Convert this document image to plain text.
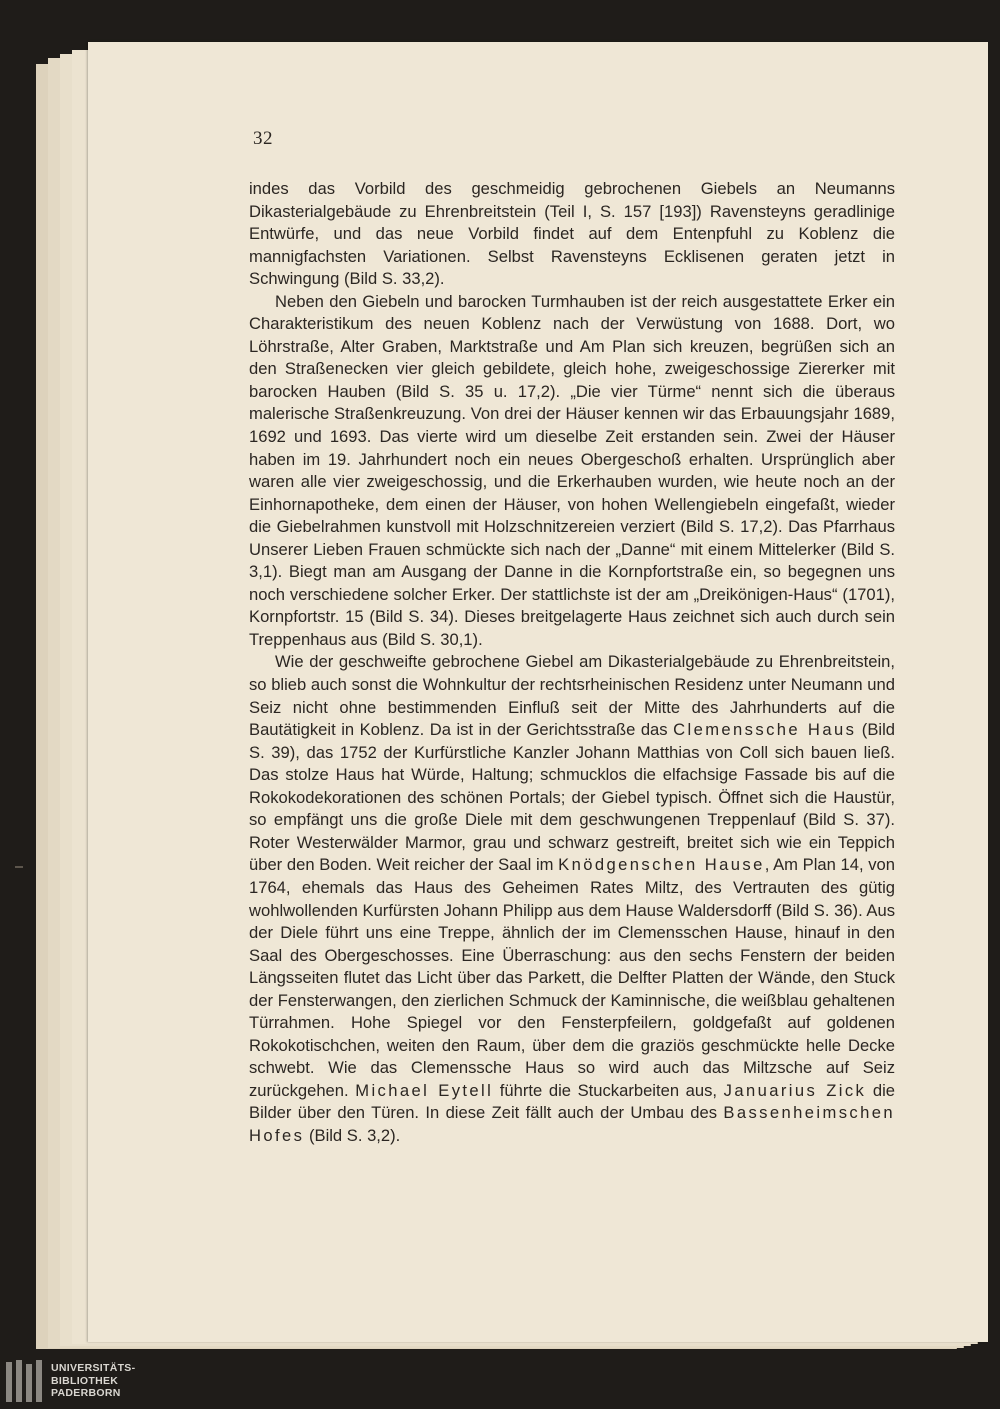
32

indes das Vorbild des geschmeidig gebrochenen Giebels an Neumanns Dikasterialgebäude zu Ehrenbreitstein (Teil I, S. 157 [193]) Ravensteyns geradlinige Entwürfe, und das neue Vorbild findet auf dem Entenpfuhl zu Koblenz die mannigfachsten Variationen. Selbst Ravensteyns Ecklisenen geraten jetzt in Schwingung (Bild S. 33,2).

Neben den Giebeln und barocken Turmhauben ist der reich ausgestattete Erker ein Charakteristikum des neuen Koblenz nach der Verwüstung von 1688. Dort, wo Löhrstraße, Alter Graben, Marktstraße und Am Plan sich kreuzen, begrüßen sich an den Straßenecken vier gleich gebildete, gleich hohe, zweigeschossige Ziererker mit barocken Hauben (Bild S. 35 u. 17,2). „Die vier Türme“ nennt sich die überaus malerische Straßenkreuzung. Von drei der Häuser kennen wir das Erbauungsjahr 1689, 1692 und 1693. Das vierte wird um dieselbe Zeit erstanden sein. Zwei der Häuser haben im 19. Jahrhundert noch ein neues Obergeschoß erhalten. Ursprünglich aber waren alle vier zweigeschossig, und die Erkerhauben wurden, wie heute noch an der Einhornapotheke, dem einen der Häuser, von hohen Wellengiebeln eingefaßt, wieder die Giebelrahmen kunstvoll mit Holzschnitzereien verziert (Bild S. 17,2). Das Pfarrhaus Unserer Lieben Frauen schmückte sich nach der „Danne“ mit einem Mittelerker (Bild S. 3,1). Biegt man am Ausgang der Danne in die Kornpfortstraße ein, so begegnen uns noch verschiedene solcher Erker. Der stattlichste ist der am „Dreikönigen-Haus“ (1701), Kornpfortstr. 15 (Bild S. 34). Dieses breitgelagerte Haus zeichnet sich auch durch sein Treppenhaus aus (Bild S. 30,1).

Wie der geschweifte gebrochene Giebel am Dikasterialgebäude zu Ehrenbreitstein, so blieb auch sonst die Wohnkultur der rechtsrheinischen Residenz unter Neumann und Seiz nicht ohne bestimmenden Einfluß seit der Mitte des Jahrhunderts auf die Bautätigkeit in Koblenz. Da ist in der Gerichtsstraße das Clemenssche Haus (Bild S. 39), das 1752 der Kurfürstliche Kanzler Johann Matthias von Coll sich bauen ließ. Das stolze Haus hat Würde, Haltung; schmucklos die elfachsige Fassade bis auf die Rokokodekorationen des schönen Portals; der Giebel typisch. Öffnet sich die Haustür, so empfängt uns die große Diele mit dem geschwungenen Treppenlauf (Bild S. 37). Roter Westerwälder Marmor, grau und schwarz gestreift, breitet sich wie ein Teppich über den Boden. Weit reicher der Saal im Knödgenschen Hause, Am Plan 14, von 1764, ehemals das Haus des Geheimen Rates Miltz, des Vertrauten des gütig wohlwollenden Kurfürsten Johann Philipp aus dem Hause Waldersdorff (Bild S. 36). Aus der Diele führt uns eine Treppe, ähnlich der im Clemensschen Hause, hinauf in den Saal des Obergeschosses. Eine Überraschung: aus den sechs Fenstern der beiden Längsseiten flutet das Licht über das Parkett, die Delfter Platten der Wände, den Stuck der Fensterwangen, den zierlichen Schmuck der Kaminnische, die weißblau gehaltenen Türrahmen. Hohe Spiegel vor den Fensterpfeilern, goldgefaßt auf goldenen Rokokotischchen, weiten den Raum, über dem die graziös geschmückte helle Decke schwebt. Wie das Clemenssche Haus so wird auch das Miltzsche auf Seiz zurückgehen. Michael Eytell führte die Stuckarbeiten aus, Januarius Zick die Bilder über den Türen. In diese Zeit fällt auch der Umbau des Bassenheimschen Hofes (Bild S. 3,2).

UNIVERSITÄTS-
BIBLIOTHEK
PADERBORN
